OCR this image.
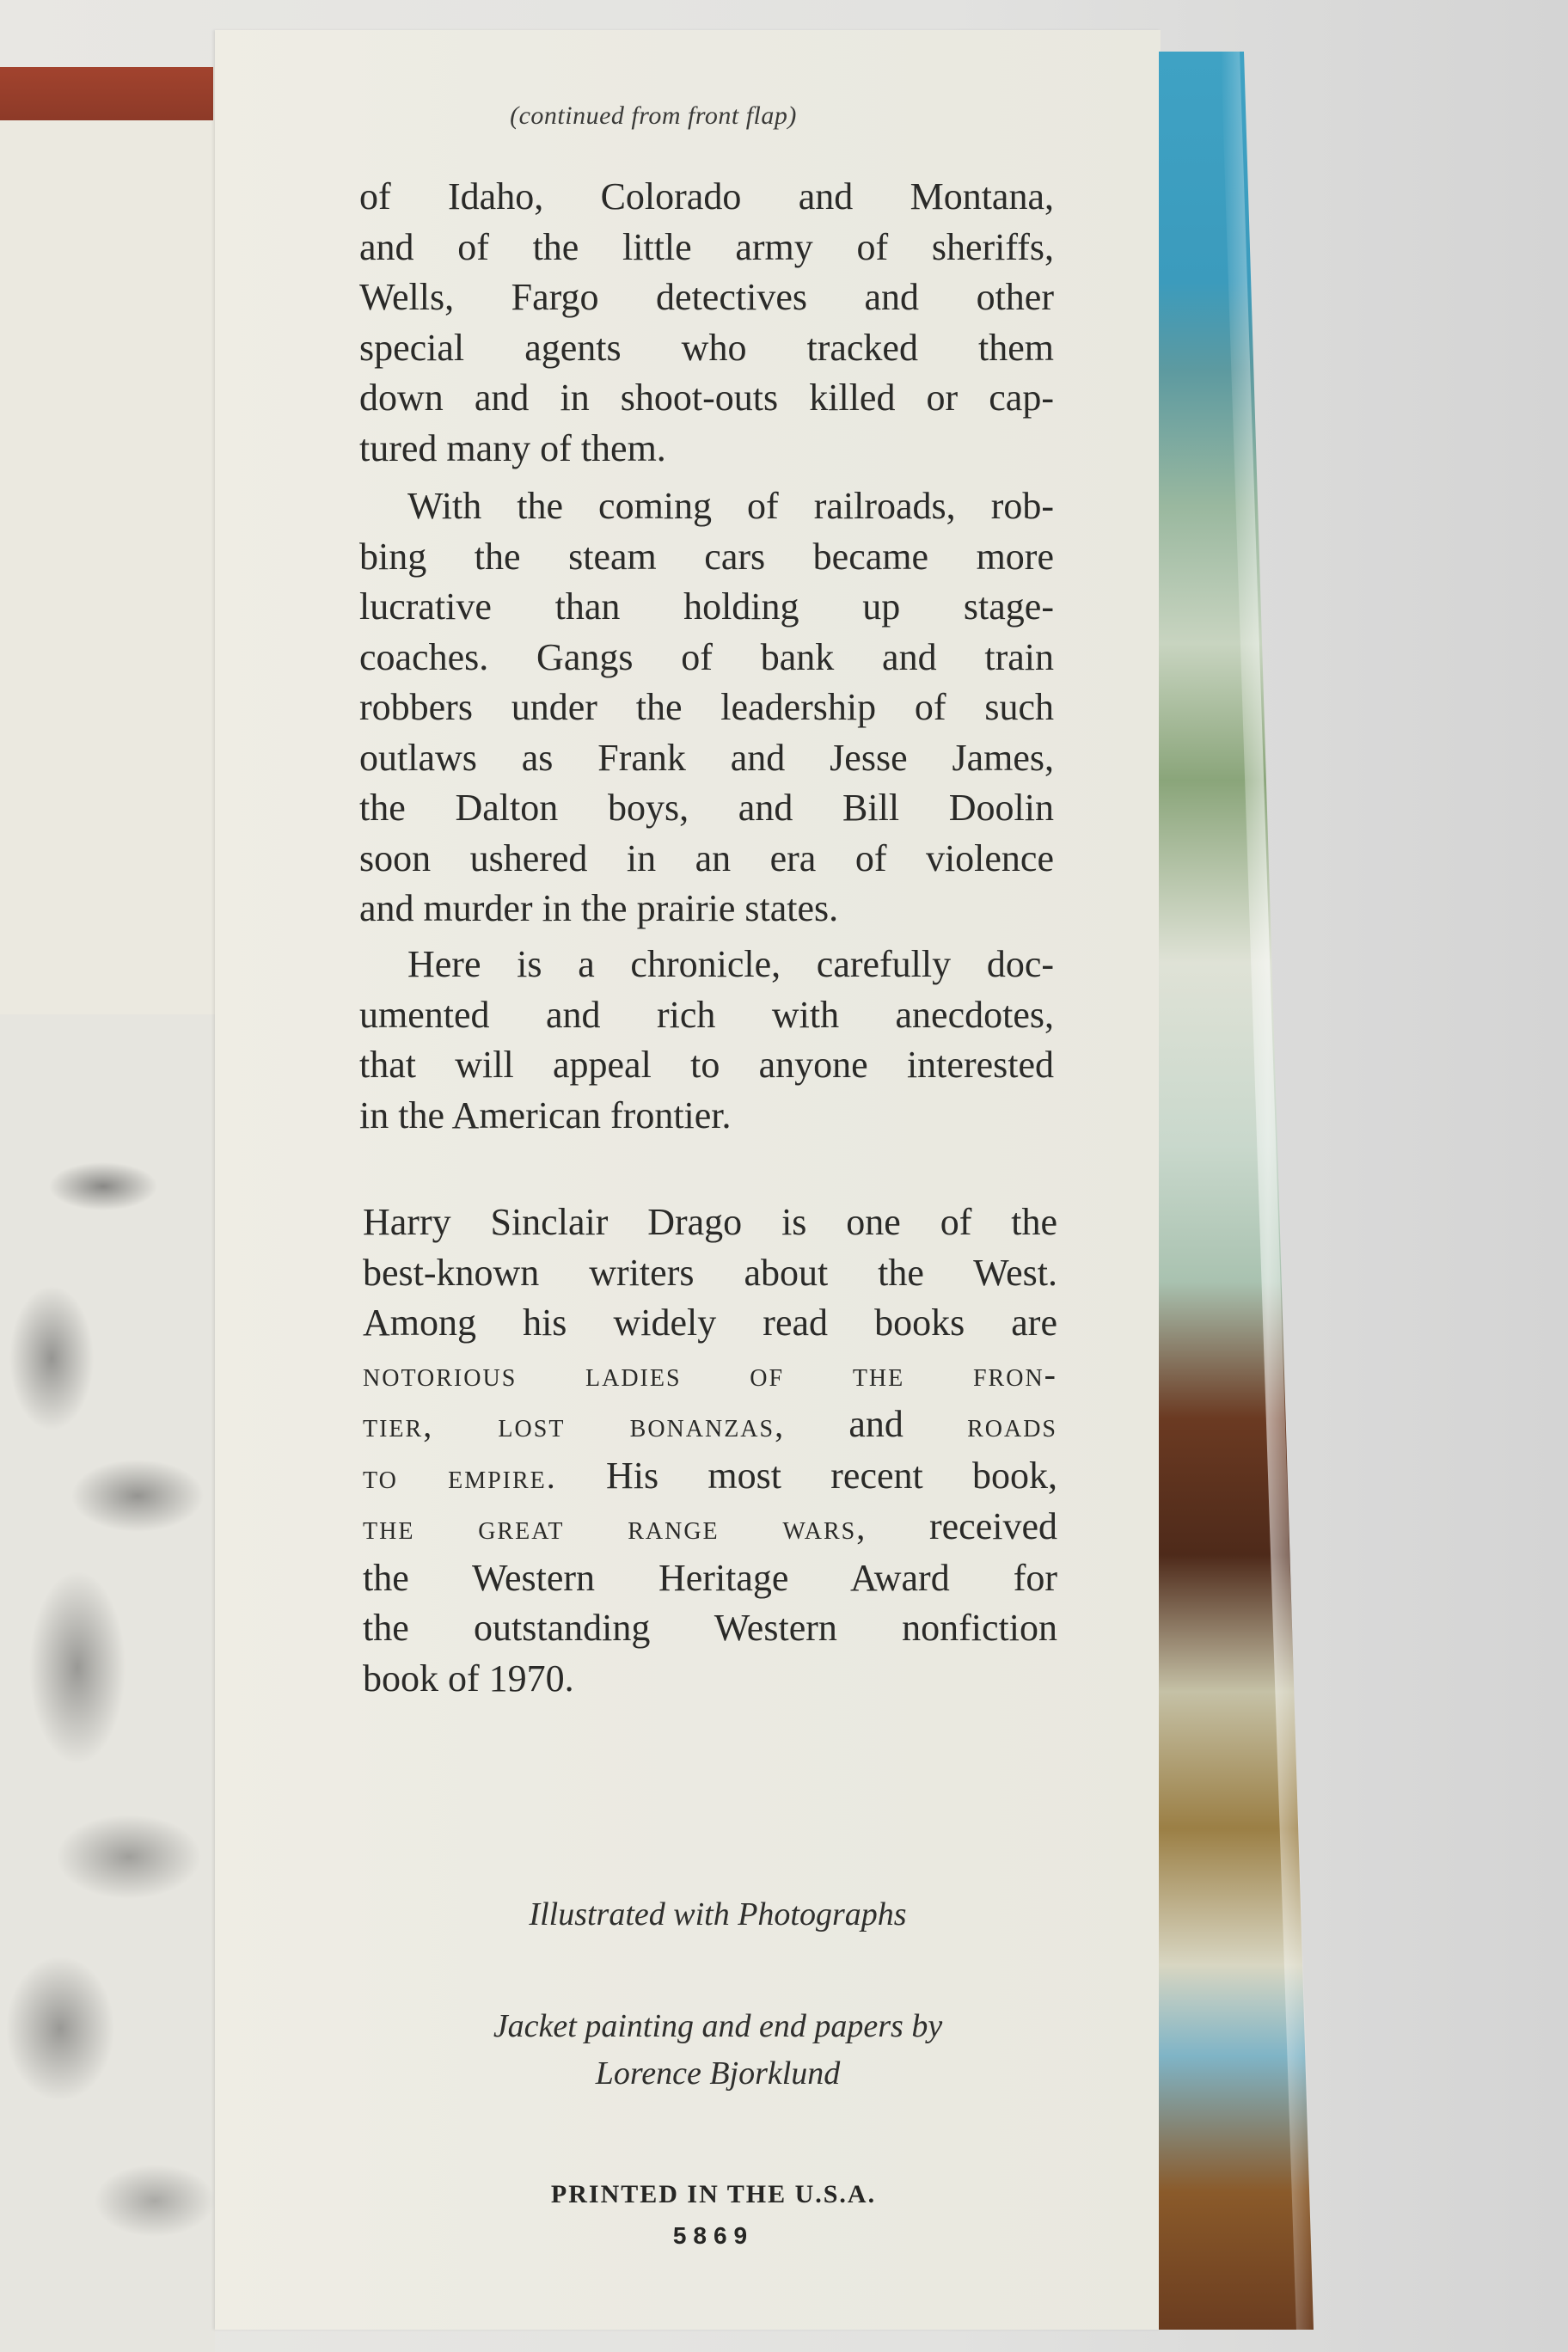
(continued from front flap)
of Idaho, Colorado and Montana,
and of the little army of sheriffs,
Wells, Fargo detectives and other
special agents who tracked them
down and in shoot-outs killed or cap-
tured many of them.
With the coming of railroads, rob-
bing the steam cars became more
lucrative than holding up stage-
coaches. Gangs of bank and train
robbers under the leadership of such
outlaws as Frank and Jesse James,
the Dalton boys, and Bill Doolin
soon ushered in an era of violence
and murder in the prairie states.
Here is a chronicle, carefully doc-
umented and rich with anecdotes,
that will appeal to anyone interested
in the American frontier.
Harry Sinclair Drago is one of the
best-known writers about the West.
Among his widely read books are
notorious ladies of the fron-
tier, lost bonanzas, and roads
to empire. His most recent book,
the great range wars, received
the Western Heritage Award for
the outstanding Western nonfiction
book of 1970.
Illustrated with Photographs
Jacket painting and end papers by
Lorence Bjorklund
PRINTED IN THE U.S.A.
5869
